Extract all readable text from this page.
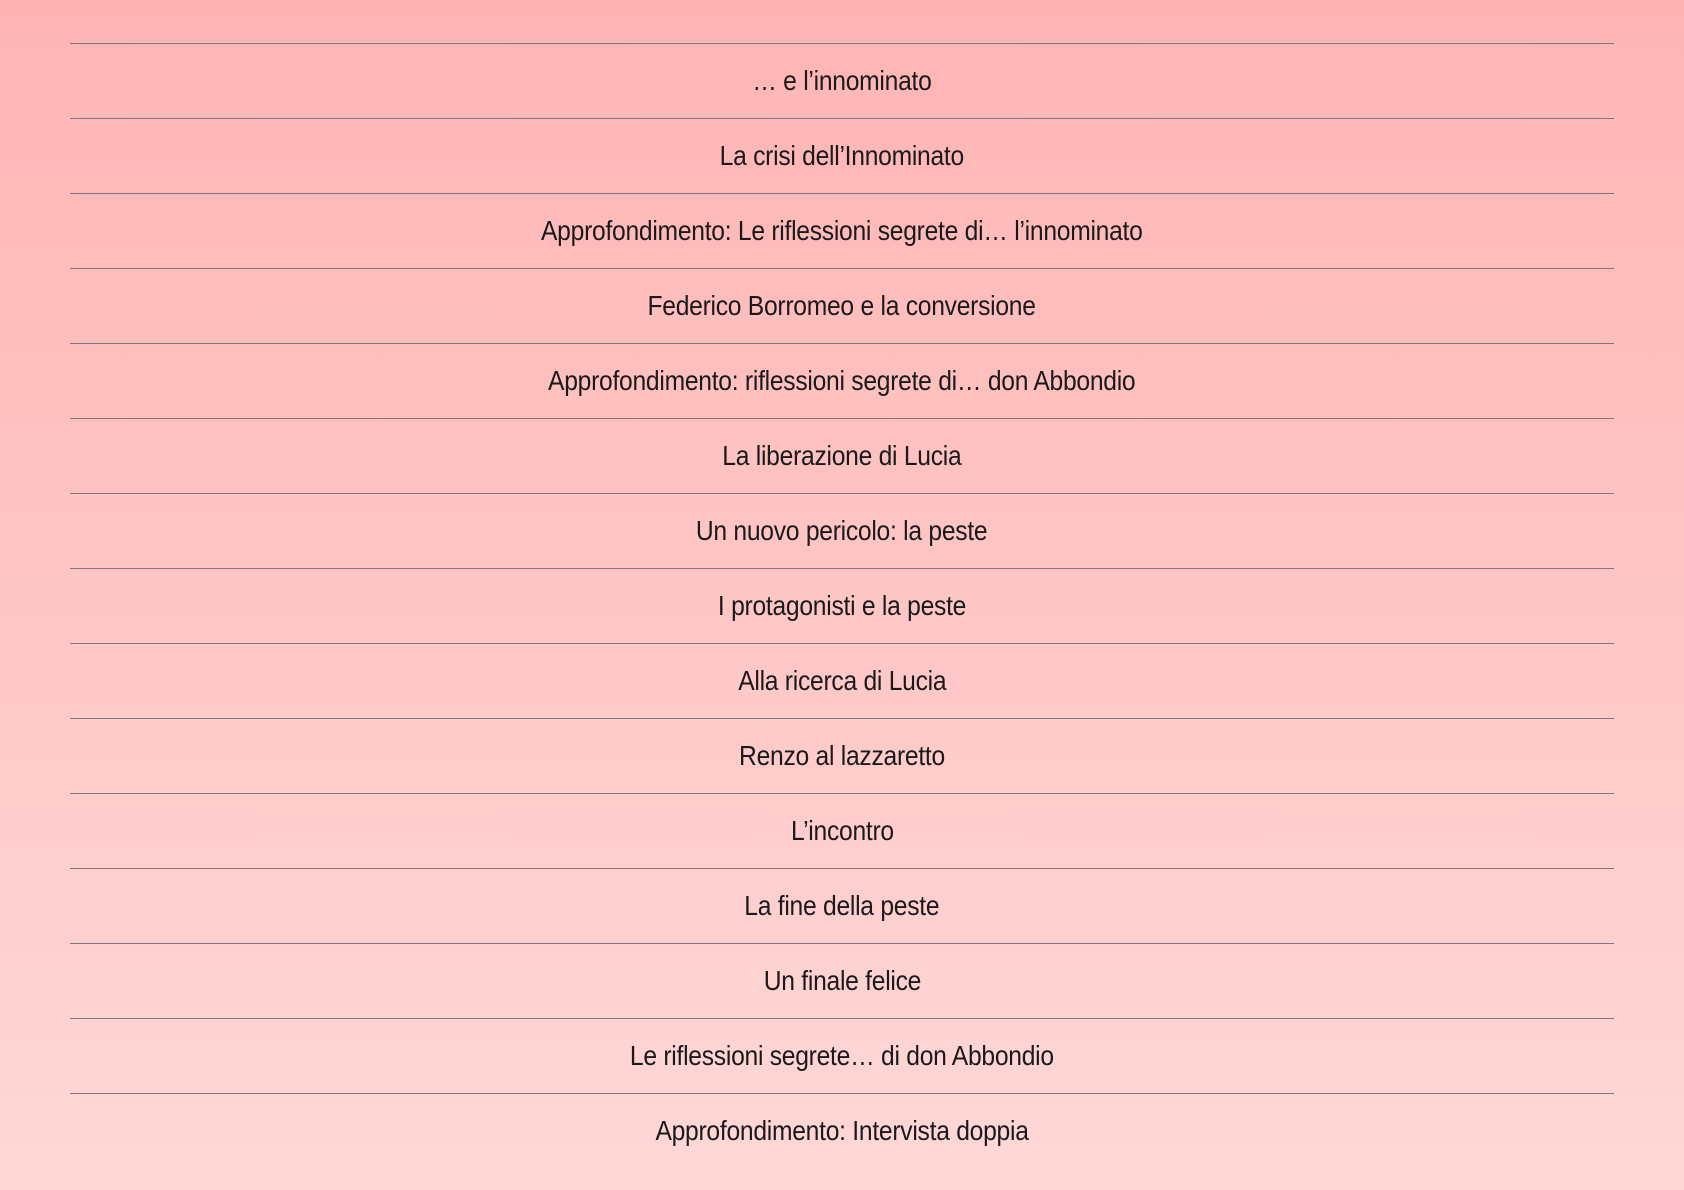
… e l’innominato
La crisi dell’Innominato
Approfondimento: Le riflessioni segrete di… l’innominato
Federico Borromeo e la conversione
Approfondimento: riflessioni segrete di… don Abbondio
La liberazione di Lucia
Un nuovo pericolo: la peste
I protagonisti e la peste
Alla ricerca di Lucia
Renzo al lazzaretto
L’incontro
La fine della peste
Un finale felice
Le riflessioni segrete… di don Abbondio
Approfondimento: Intervista doppia
